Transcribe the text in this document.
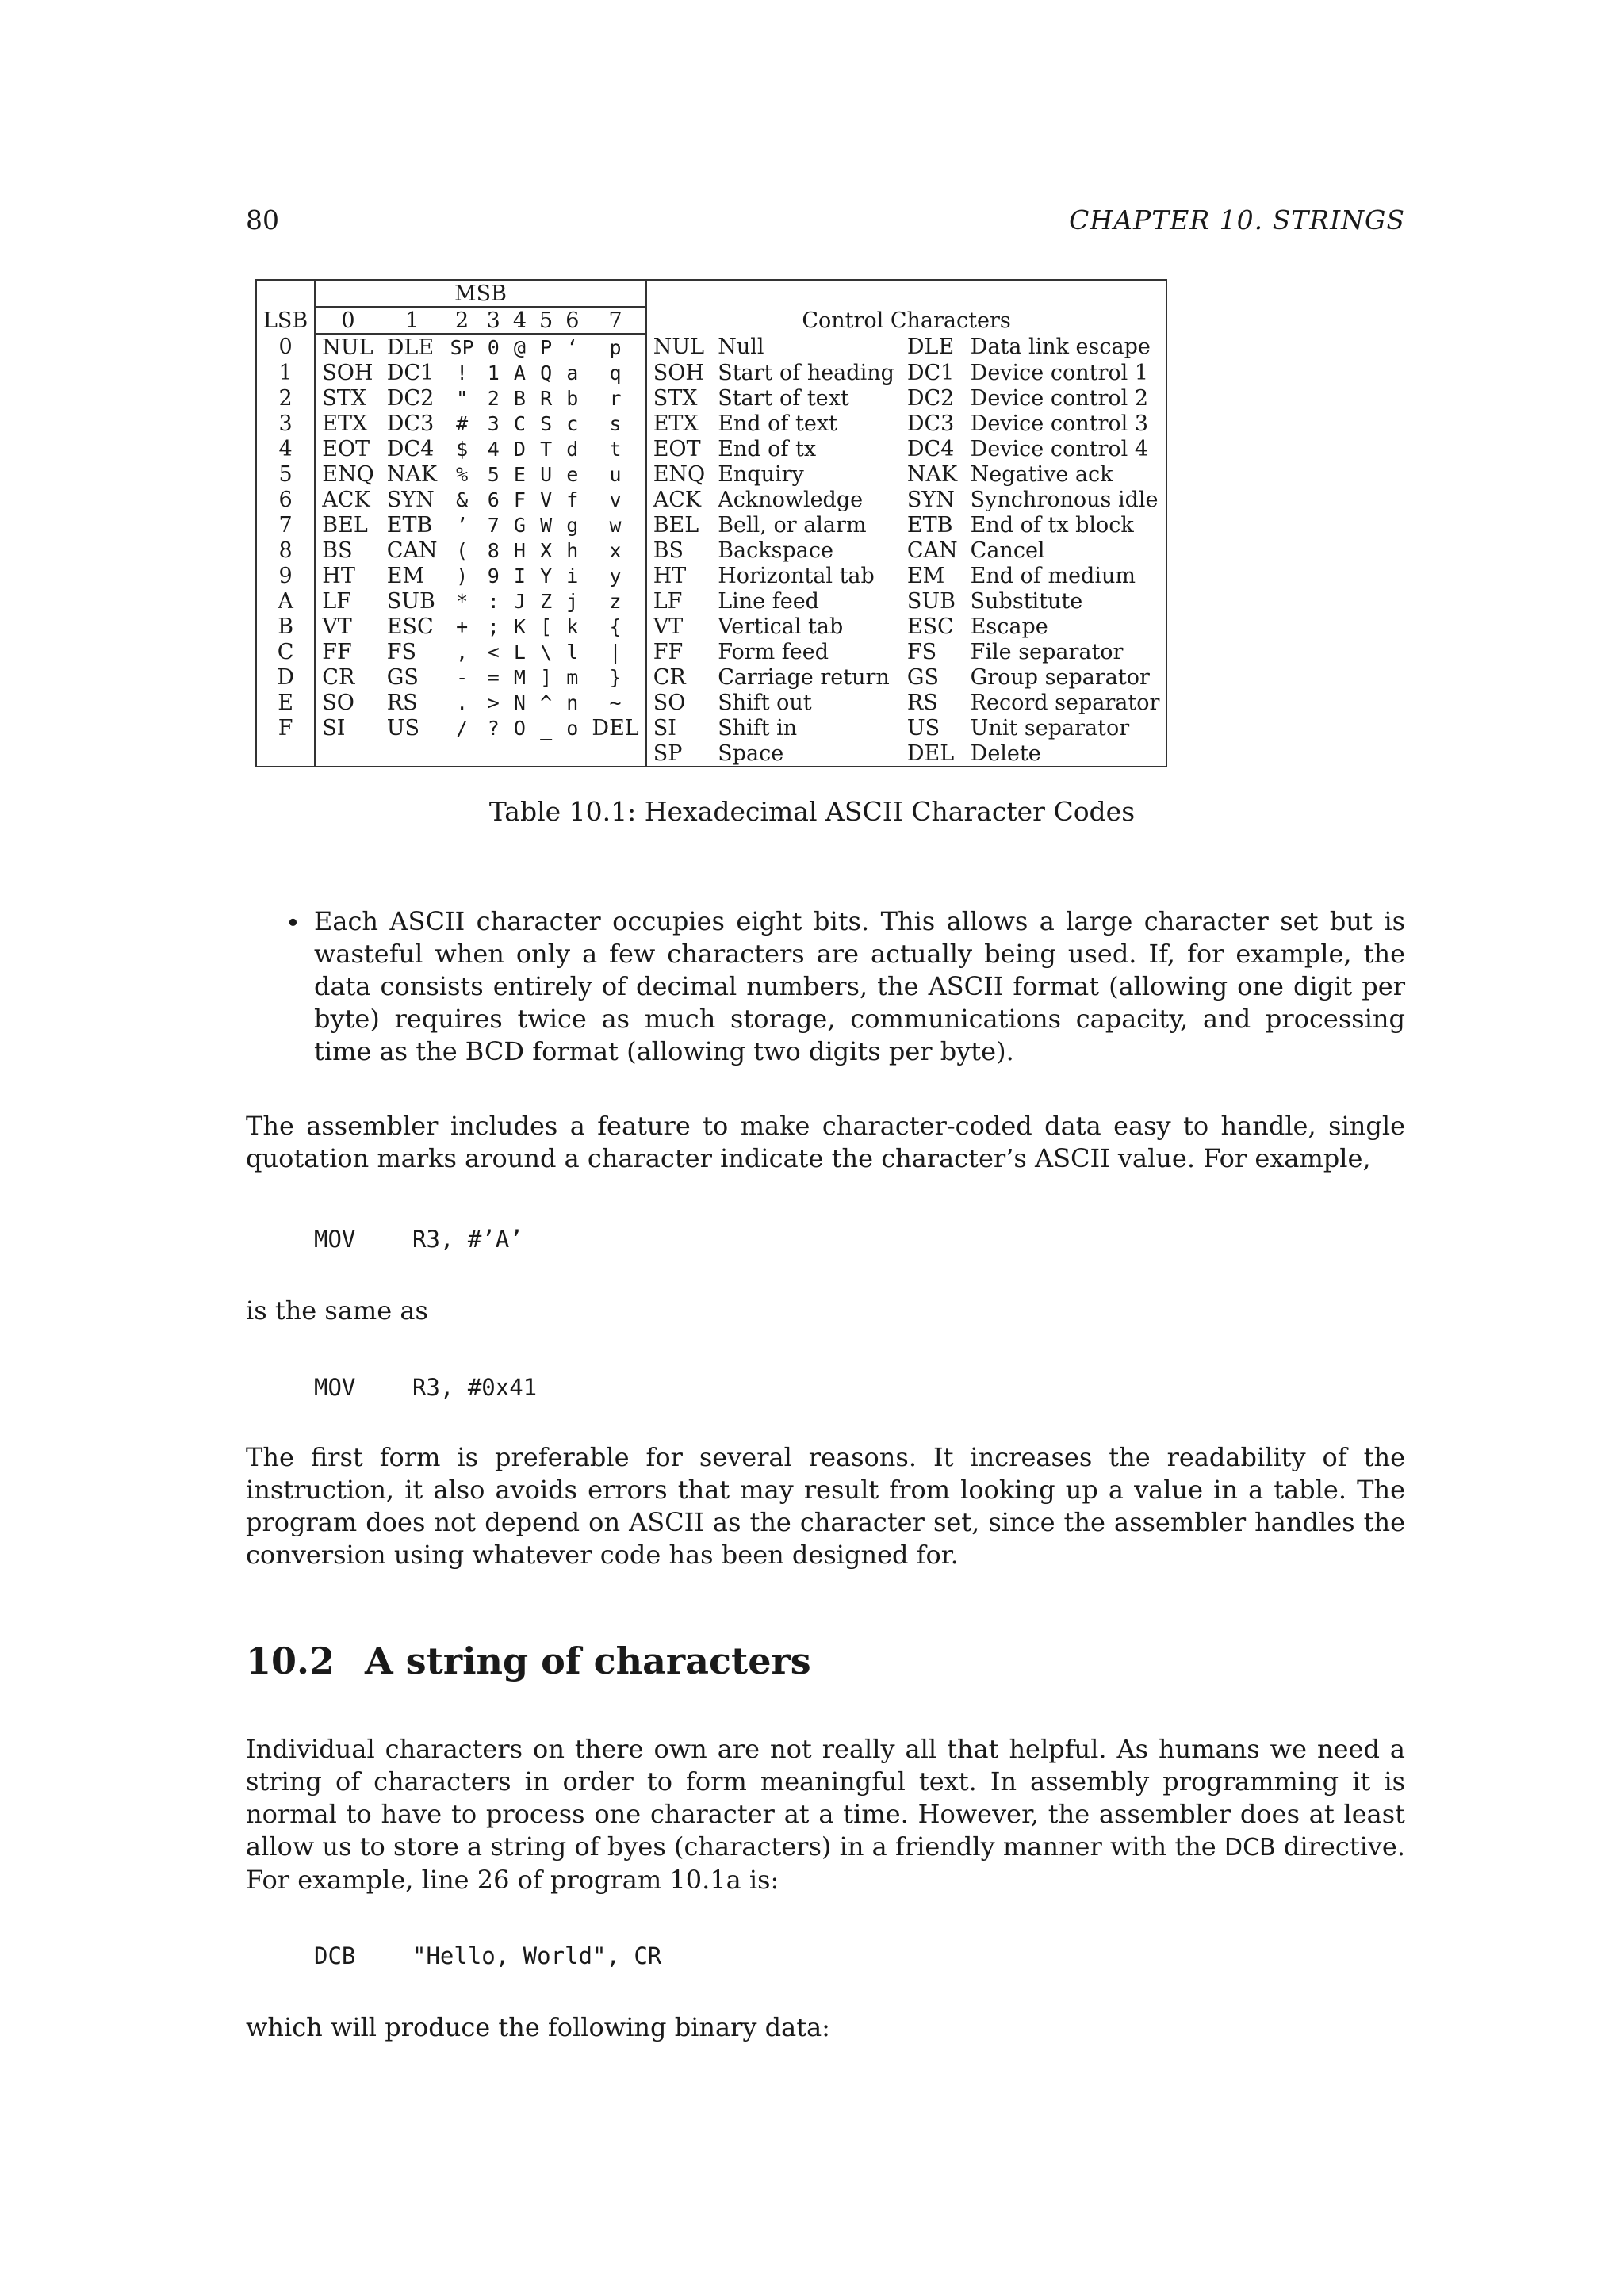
80	CHAPTER 10. STRINGS
	MSB											
LSB	0	1	2	3	4	5	6	7	Control Characters			
0	NUL	DLE	SP	0	@	P	‘	p	NUL	Null	DLE	Data link escape
1	SOH	DC1	!	1	A	Q	a	q	SOH	Start of heading	DC1	Device control 1
2	STX	DC2	"	2	B	R	b	r	STX	Start of text	DC2	Device control 2
3	ETX	DC3	#	3	C	S	c	s	ETX	End of text	DC3	Device control 3
4	EOT	DC4	$	4	D	T	d	t	EOT	End of tx	DC4	Device control 4
5	ENQ	NAK	%	5	E	U	e	u	ENQ	Enquiry	NAK	Negative ack
6	ACK	SYN	&	6	F	V	f	v	ACK	Acknowledge	SYN	Synchronous idle
7	BEL	ETB	’	7	G	W	g	w	BEL	Bell, or alarm	ETB	End of tx block
8	BS	CAN	(	8	H	X	h	x	BS	Backspace	CAN	Cancel
9	HT	EM	)	9	I	Y	i	y	HT	Horizontal tab	EM	End of medium
A	LF	SUB	*	:	J	Z	j	z	LF	Line feed	SUB	Substitute
B	VT	ESC	+	;	K	[	k	{	VT	Vertical tab	ESC	Escape
C	FF	FS	,	<	L	\	l	|	FF	Form feed	FS	File separator
D	CR	GS	-	=	M	]	m	}	CR	Carriage return	GS	Group separator
E	SO	RS	.	>	N	^	n	~	SO	Shift out	RS	Record separator
F	SI	US	/	?	O	_	o	DEL	SI	Shift in	US	Unit separator
									SP	Space	DEL	Delete
Table 10.1: Hexadecimal ASCII Character Codes
• Each ASCII character occupies eight bits. This allows a large character set but is wasteful when only a few characters are actually being used. If, for example, the data consists entirely of decimal numbers, the ASCII format (allowing one digit per byte) requires twice as much storage, communications capacity, and processing time as the BCD format (allowing two digits per byte).
The assembler includes a feature to make character-coded data easy to handle, single quotation marks around a character indicate the character’s ASCII value. For example,
MOV R3, #’A’
is the same as
MOV R3, #0x41
The first form is preferable for several reasons. It increases the readability of the instruction, it also avoids errors that may result from looking up a value in a table. The program does not depend on ASCII as the character set, since the assembler handles the conversion using whatever code has been designed for.
10.2 A string of characters
Individual characters on there own are not really all that helpful. As humans we need a string of characters in order to form meaningful text. In assembly programming it is normal to have to process one character at a time. However, the assembler does at least allow us to store a string of byes (characters) in a friendly manner with the DCB directive. For example, line 26 of program 10.1a is:
DCB "Hello, World", CR
which will produce the following binary data:
